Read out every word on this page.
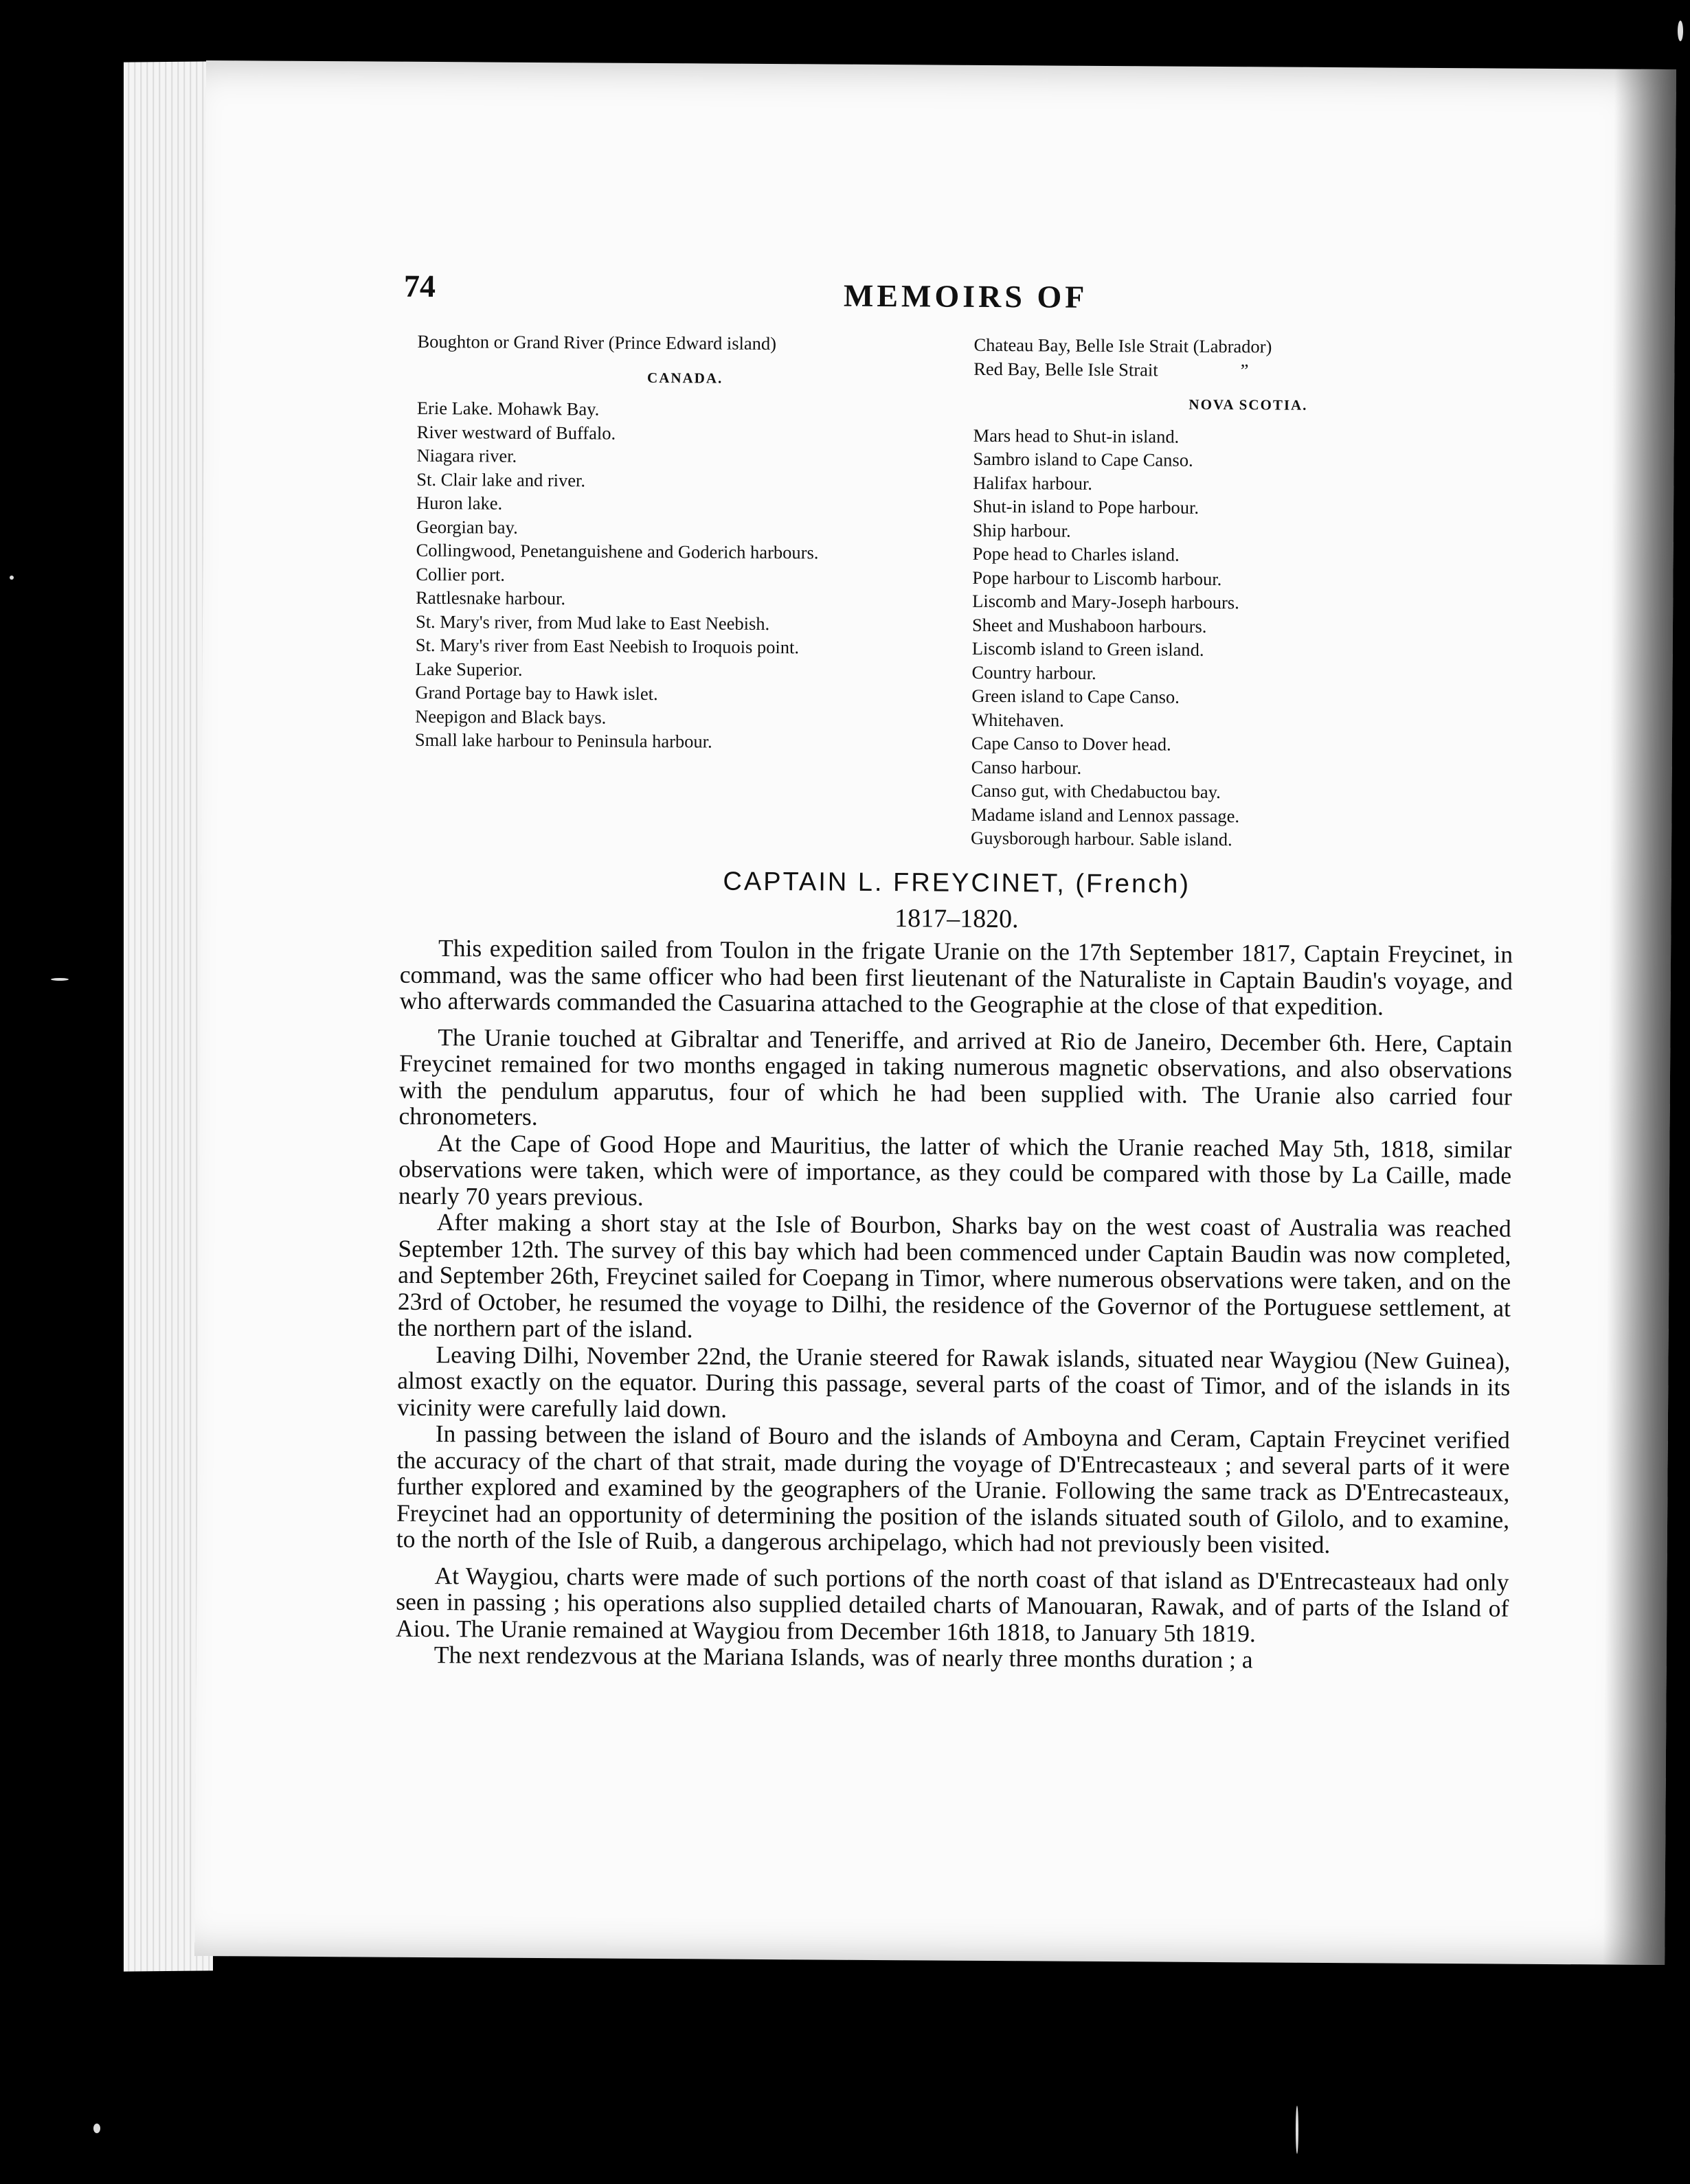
74	MEMOIRS OF
Boughton or Grand River (Prince Edward island)
CANADA.
Erie Lake. Mohawk Bay.
River westward of Buffalo.
Niagara river.
St. Clair lake and river.
Huron lake.
Georgian bay.
Collingwood, Penetanguishene and Goderich harbours.
Collier port.
Rattlesnake harbour.
St. Mary's river, from Mud lake to East Neebish.
St. Mary's river from East Neebish to Iroquois point.
Lake Superior.
Grand Portage bay to Hawk islet.
Neepigon and Black bays.
Small lake harbour to Peninsula harbour.
Chateau Bay, Belle Isle Strait (Labrador)
Red Bay, Belle Isle Strait	”
NOVA SCOTIA.
Mars head to Shut-in island.
Sambro island to Cape Canso.
Halifax harbour.
Shut-in island to Pope harbour.
Ship harbour.
Pope head to Charles island.
Pope harbour to Liscomb harbour.
Liscomb and Mary-Joseph harbours.
Sheet and Mushaboon harbours.
Liscomb island to Green island.
Country harbour.
Green island to Cape Canso.
Whitehaven.
Cape Canso to Dover head.
Canso harbour.
Canso gut, with Chedabuctou bay.
Madame island and Lennox passage.
Guysborough harbour. Sable island.
CAPTAIN L. FREYCINET, (French)
1817–1820.

This expedition sailed from Toulon in the frigate Uranie on the 17th September 1817, Captain Freycinet, in command, was the same officer who had been first lieutenant of the Naturaliste in Captain Baudin's voyage, and who afterwards commanded the Casuarina attached to the Geographie at the close of that expedition.

The Uranie touched at Gibraltar and Teneriffe, and arrived at Rio de Janeiro, December 6th. Here, Captain Freycinet remained for two months engaged in taking numerous magnetic observations, and also observations with the pendulum apparutus, four of which he had been supplied with. The Uranie also carried four chronometers.

At the Cape of Good Hope and Mauritius, the latter of which the Uranie reached May 5th, 1818, similar observations were taken, which were of importance, as they could be compared with those by La Caille, made nearly 70 years previous.

After making a short stay at the Isle of Bourbon, Sharks bay on the west coast of Australia was reached September 12th. The survey of this bay which had been commenced under Captain Baudin was now completed, and September 26th, Freycinet sailed for Coepang in Timor, where numerous observations were taken, and on the 23rd of October, he resumed the voyage to Dilhi, the residence of the Governor of the Portuguese settlement, at the northern part of the island.

Leaving Dilhi, November 22nd, the Uranie steered for Rawak islands, situated near Waygiou (New Guinea), almost exactly on the equator. During this passage, several parts of the coast of Timor, and of the islands in its vicinity were carefully laid down.

In passing between the island of Bouro and the islands of Amboyna and Ceram, Captain Freycinet verified the accuracy of the chart of that strait, made during the voyage of D'Entrecasteaux ; and several parts of it were further explored and examined by the geographers of the Uranie. Following the same track as D'Entrecasteaux, Freycinet had an opportunity of determining the position of the islands situated south of Gilolo, and to examine, to the north of the Isle of Ruib, a dangerous archipelago, which had not previously been visited.

At Waygiou, charts were made of such portions of the north coast of that island as D'Entrecasteaux had only seen in passing ; his operations also supplied detailed charts of Manouaran, Rawak, and of parts of the Island of Aiou. The Uranie remained at Waygiou from December 16th 1818, to January 5th 1819.

The next rendezvous at the Mariana Islands, was of nearly three months duration ; a
